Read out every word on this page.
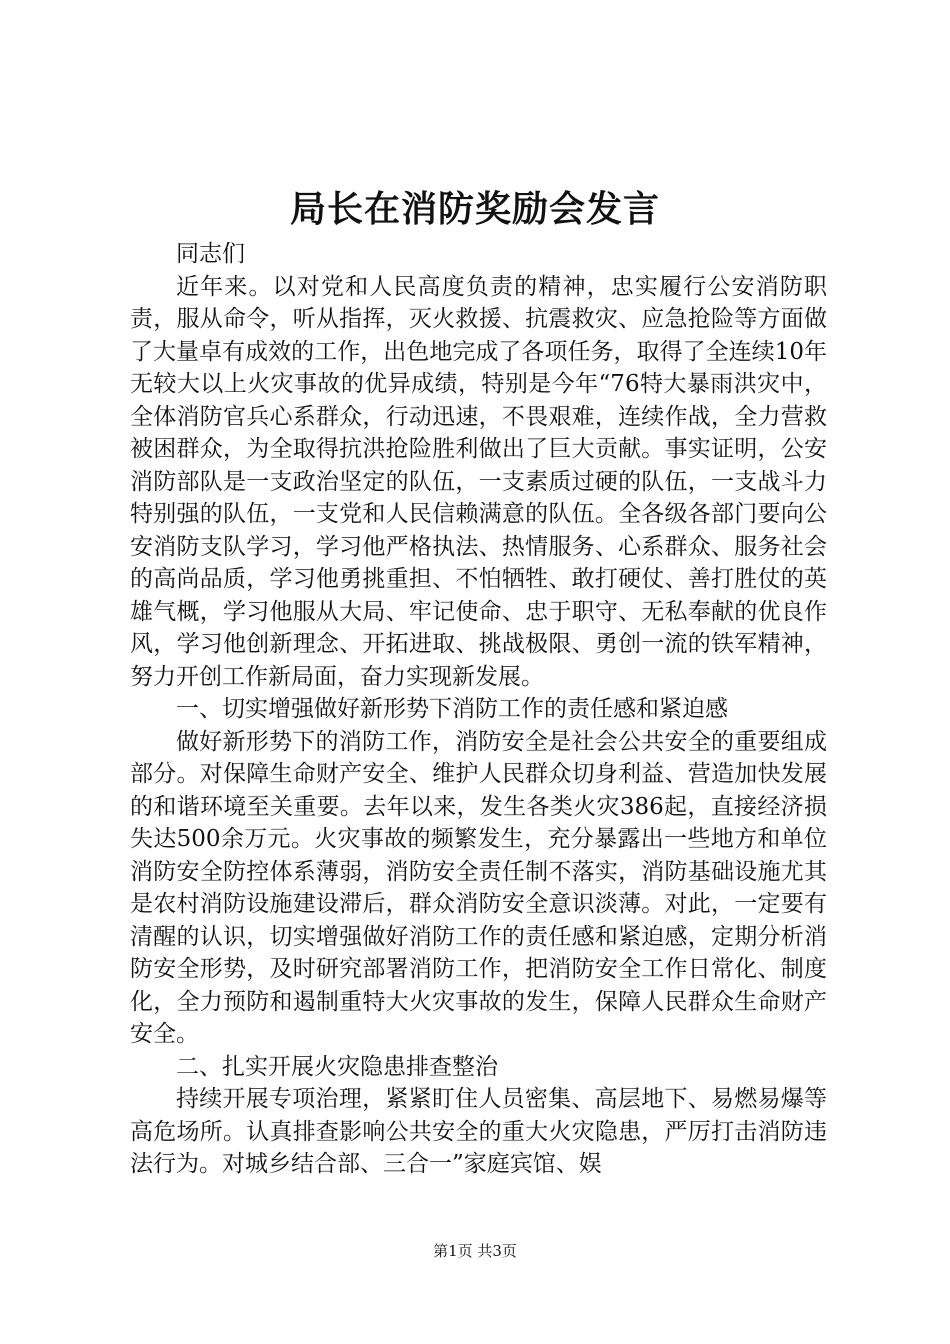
局长在消防奖励会发言

同志们

近年来。以对党和人民高度负责的精神，忠实履行公安消防职责，服从命令，听从指挥，灭火救援、抗震救灾、应急抢险等方面做了大量卓有成效的工作，出色地完成了各项任务，取得了全连续10年无较大以上火灾事故的优异成绩，特别是今年“76特大暴雨洪灾中，全体消防官兵心系群众，行动迅速，不畏艰难，连续作战，全力营救被困群众，为全取得抗洪抢险胜利做出了巨大贡献。事实证明，公安消防部队是一支政治坚定的队伍，一支素质过硬的队伍，一支战斗力特别强的队伍，一支党和人民信赖满意的队伍。全各级各部门要向公安消防支队学习，学习他严格执法、热情服务、心系群众、服务社会的高尚品质，学习他勇挑重担、不怕牺牲、敢打硬仗、善打胜仗的英雄气概，学习他服从大局、牢记使命、忠于职守、无私奉献的优良作风，学习他创新理念、开拓进取、挑战极限、勇创一流的铁军精神，努力开创工作新局面，奋力实现新发展。

一、切实增强做好新形势下消防工作的责任感和紧迫感

做好新形势下的消防工作，消防安全是社会公共安全的重要组成部分。对保障生命财产安全、维护人民群众切身利益、营造加快发展的和谐环境至关重要。去年以来，发生各类火灾386起，直接经济损失达500余万元。火灾事故的频繁发生，充分暴露出一些地方和单位消防安全防控体系薄弱，消防安全责任制不落实，消防基础设施尤其是农村消防设施建设滞后，群众消防安全意识淡薄。对此，一定要有清醒的认识，切实增强做好消防工作的责任感和紧迫感，定期分析消防安全形势，及时研究部署消防工作，把消防安全工作日常化、制度化，全力预防和遏制重特大火灾事故的发生，保障人民群众生命财产安全。

二、扎实开展火灾隐患排查整治

持续开展专项治理，紧紧盯住人员密集、高层地下、易燃易爆等高危场所。认真排查影响公共安全的重大火灾隐患，严厉打击消防违法行为。对城乡结合部、三合一”家庭宾馆、娱

第1页 共3页
